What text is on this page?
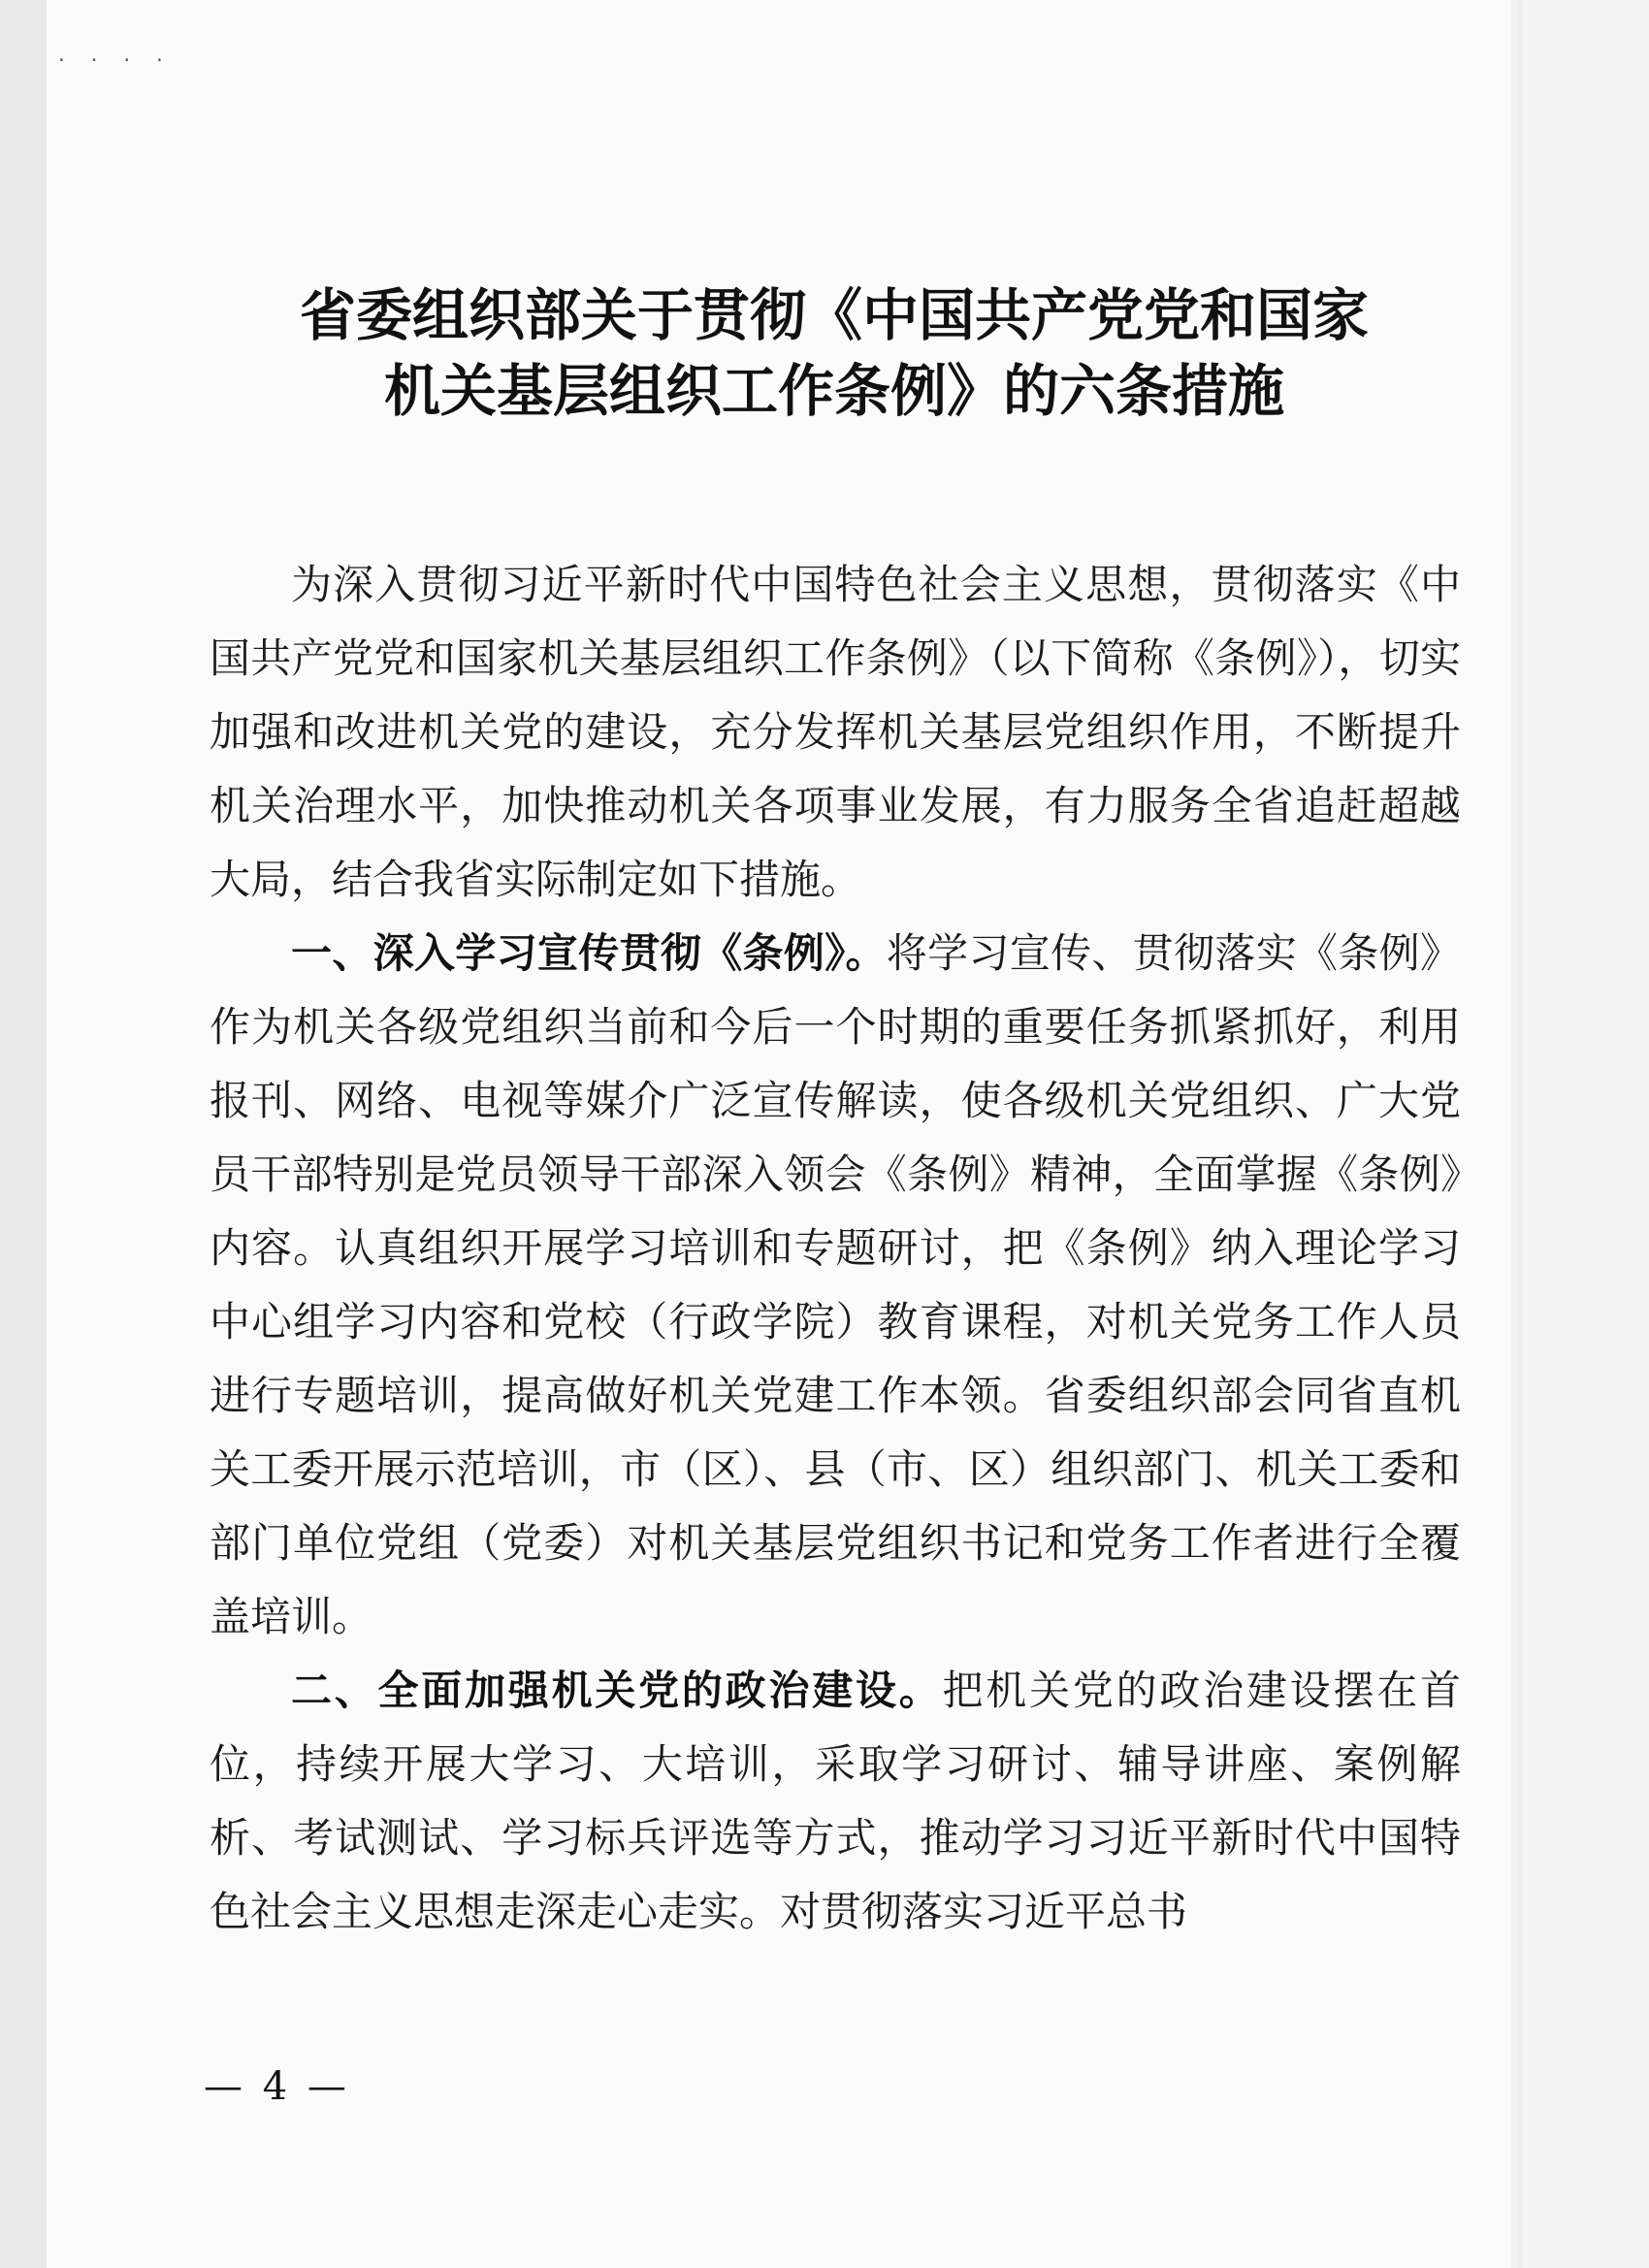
· · · ·
省委组织部关于贯彻《中国共产党党和国家
机关基层组织工作条例》的六条措施

为深入贯彻习近平新时代中国特色社会主义思想，贯彻落实《中国共产党党和国家机关基层组织工作条例》（以下简称《条例》），切实加强和改进机关党的建设，充分发挥机关基层党组织作用，不断提升机关治理水平，加快推动机关各项事业发展，有力服务全省追赶超越大局，结合我省实际制定如下措施。

一、深入学习宣传贯彻《条例》。将学习宣传、贯彻落实《条例》作为机关各级党组织当前和今后一个时期的重要任务抓紧抓好，利用报刊、网络、电视等媒介广泛宣传解读，使各级机关党组织、广大党员干部特别是党员领导干部深入领会《条例》精神，全面掌握《条例》内容。认真组织开展学习培训和专题研讨，把《条例》纳入理论学习中心组学习内容和党校（行政学院）教育课程，对机关党务工作人员进行专题培训，提高做好机关党建工作本领。省委组织部会同省直机关工委开展示范培训，市（区）、县（市、区）组织部门、机关工委和部门单位党组（党委）对机关基层党组织书记和党务工作者进行全覆盖培训。

二、全面加强机关党的政治建设。把机关党的政治建设摆在首位，持续开展大学习、大培训，采取学习研讨、辅导讲座、案例解析、考试测试、学习标兵评选等方式，推动学习习近平新时代中国特色社会主义思想走深走心走实。对贯彻落实习近平总书

— 4 —
